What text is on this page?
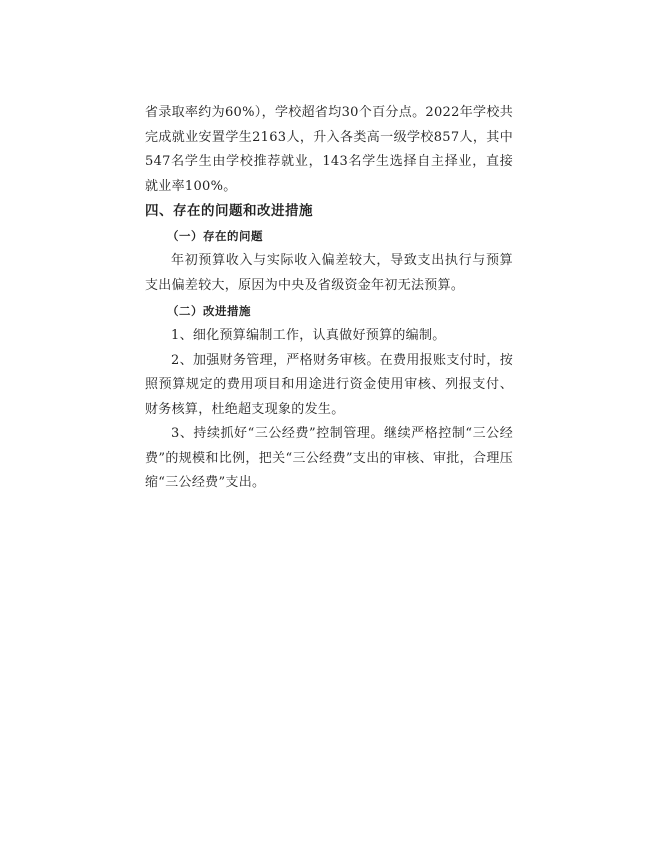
省录取率约为60%），学校超省均30个百分点。2022年学校共完成就业安置学生2163人，升入各类高一级学校857人，其中547名学生由学校推荐就业，143名学生选择自主择业，直接就业率100%。

四、存在的问题和改进措施

（一）存在的问题

年初预算收入与实际收入偏差较大，导致支出执行与预算支出偏差较大，原因为中央及省级资金年初无法预算。

（二）改进措施

1、细化预算编制工作，认真做好预算的编制。

2、加强财务管理，严格财务审核。在费用报账支付时，按照预算规定的费用项目和用途进行资金使用审核、列报支付、财务核算，杜绝超支现象的发生。

3、持续抓好“三公经费”控制管理。继续严格控制“三公经费”的规模和比例，把关“三公经费”支出的审核、审批，合理压缩“三公经费”支出。
